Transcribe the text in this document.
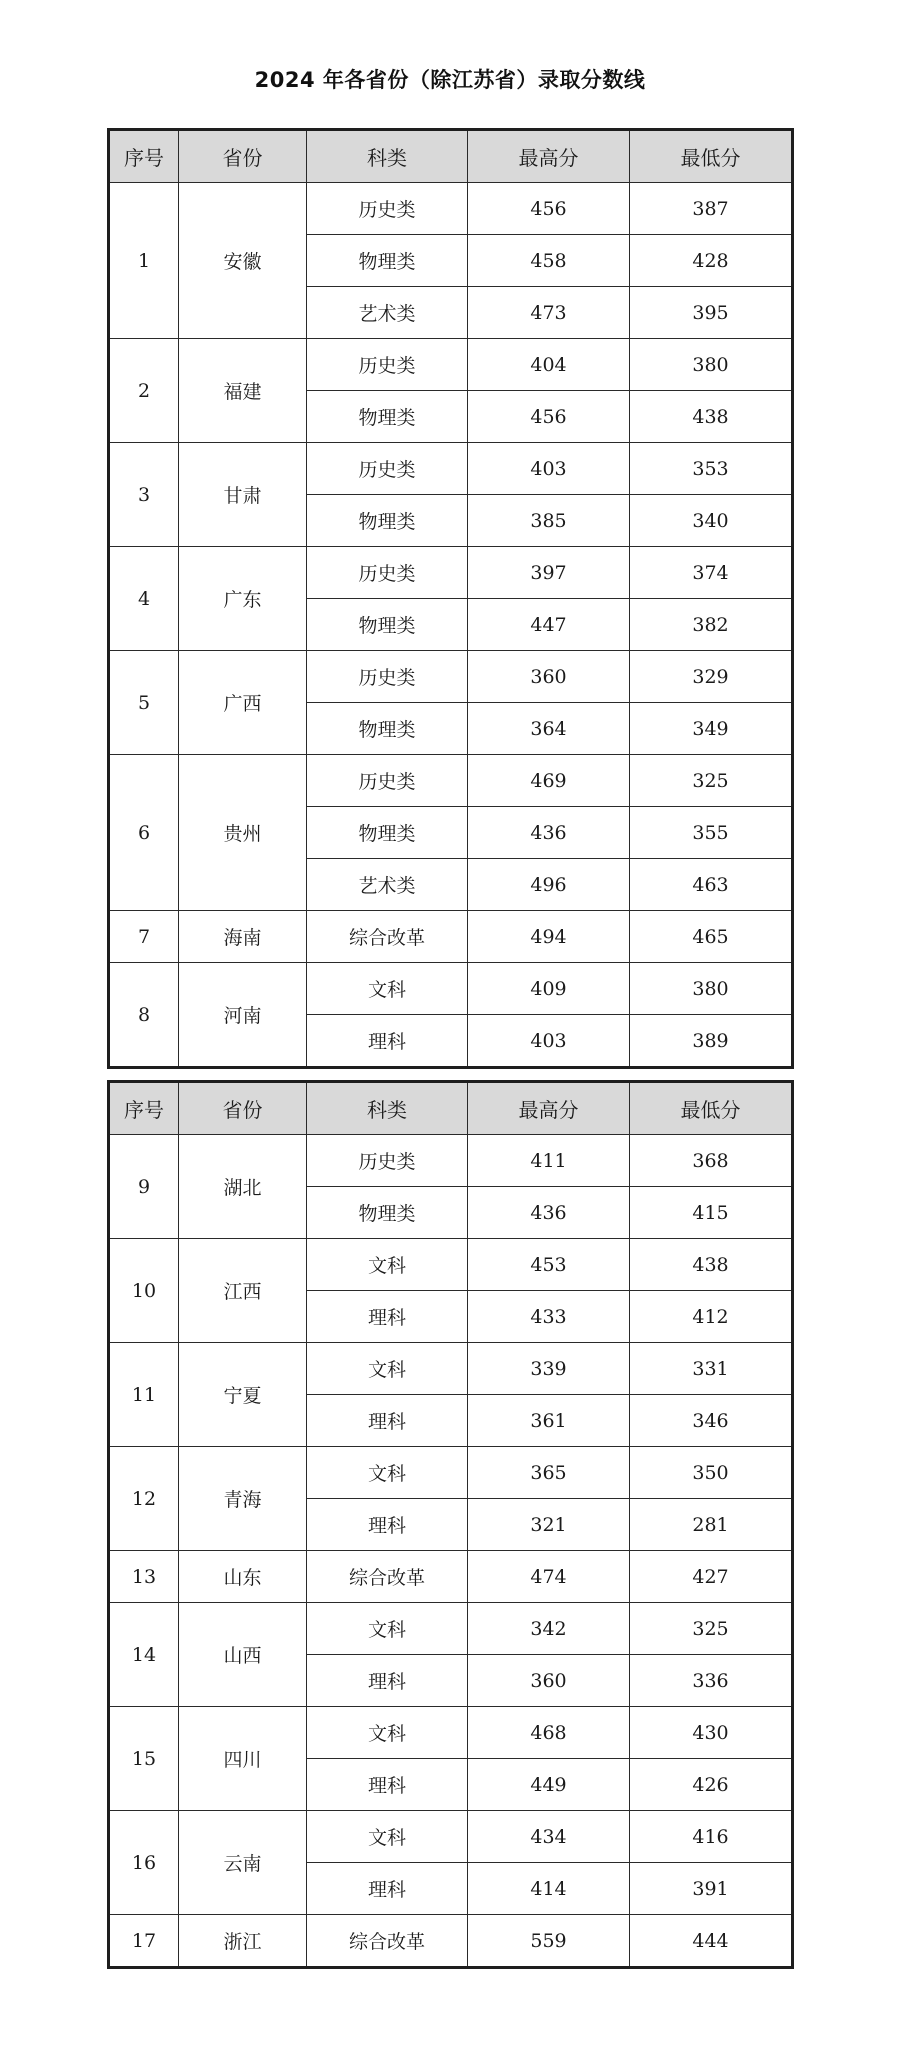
2024 年各省份（除江苏省）录取分数线
序号	省份	科类	最高分	最低分
1	安徽	历史类	456	387
		物理类	458	428
		艺术类	473	395
2	福建	历史类	404	380
		物理类	456	438
3	甘肃	历史类	403	353
		物理类	385	340
4	广东	历史类	397	374
		物理类	447	382
5	广西	历史类	360	329
		物理类	364	349
6	贵州	历史类	469	325
		物理类	436	355
		艺术类	496	463
7	海南	综合改革	494	465
8	河南	文科	409	380
		理科	403	389
序号	省份	科类	最高分	最低分
9	湖北	历史类	411	368
		物理类	436	415
10	江西	文科	453	438
		理科	433	412
11	宁夏	文科	339	331
		理科	361	346
12	青海	文科	365	350
		理科	321	281
13	山东	综合改革	474	427
14	山西	文科	342	325
		理科	360	336
15	四川	文科	468	430
		理科	449	426
16	云南	文科	434	416
		理科	414	391
17	浙江	综合改革	559	444
